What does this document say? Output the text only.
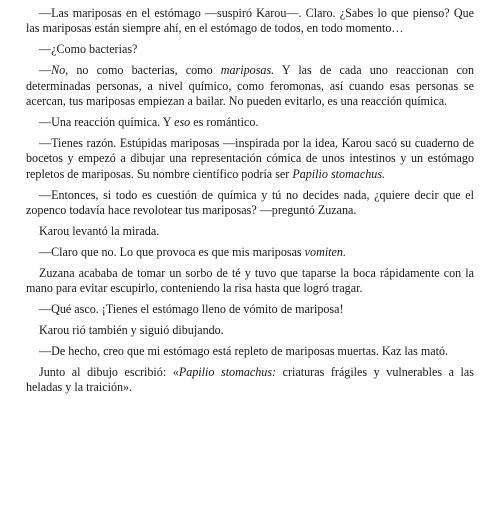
—Las mariposas en el estómago —suspiró Karou—. Claro. ¿Sabes lo que pienso? Que las mariposas están siempre ahí, en el estómago de todos, en todo momento…

—¿Como bacterias?

—No, no como bacterias, como mariposas. Y las de cada uno reaccionan con determinadas personas, a nivel químico, como feromonas, así cuando esas personas se acercan, tus mariposas empiezan a bailar. No pueden evitarlo, es una reacción química.

—Una reacción química. Y eso es romántico.

—Tienes razón. Estúpidas mariposas —inspirada por la idea, Karou sacó su cuaderno de bocetos y empezó a dibujar una representación cómica de unos intestinos y un estómago repletos de mariposas. Su nombre científico podría ser Papilio stomachus.

—Entonces, si todo es cuestión de química y tú no decides nada, ¿quiere decir que el zopenco todavía hace revolotear tus mariposas? —preguntó Zuzana.

Karou levantó la mirada.

—Claro que no. Lo que provoca es que mis mariposas vomiten.

Zuzana acababa de tomar un sorbo de té y tuvo que taparse la boca rápidamente con la mano para evitar escupirlo, conteniendo la risa hasta que logró tragar.

—Qué asco. ¡Tienes el estómago lleno de vómito de mariposa!

Karou rió también y siguió dibujando.

—De hecho, creo que mi estómago está repleto de mariposas muertas. Kaz las mató.

Junto al dibujo escribió: «Papilio stomachus: criaturas frágiles y vulnerables a las heladas y la traición».
